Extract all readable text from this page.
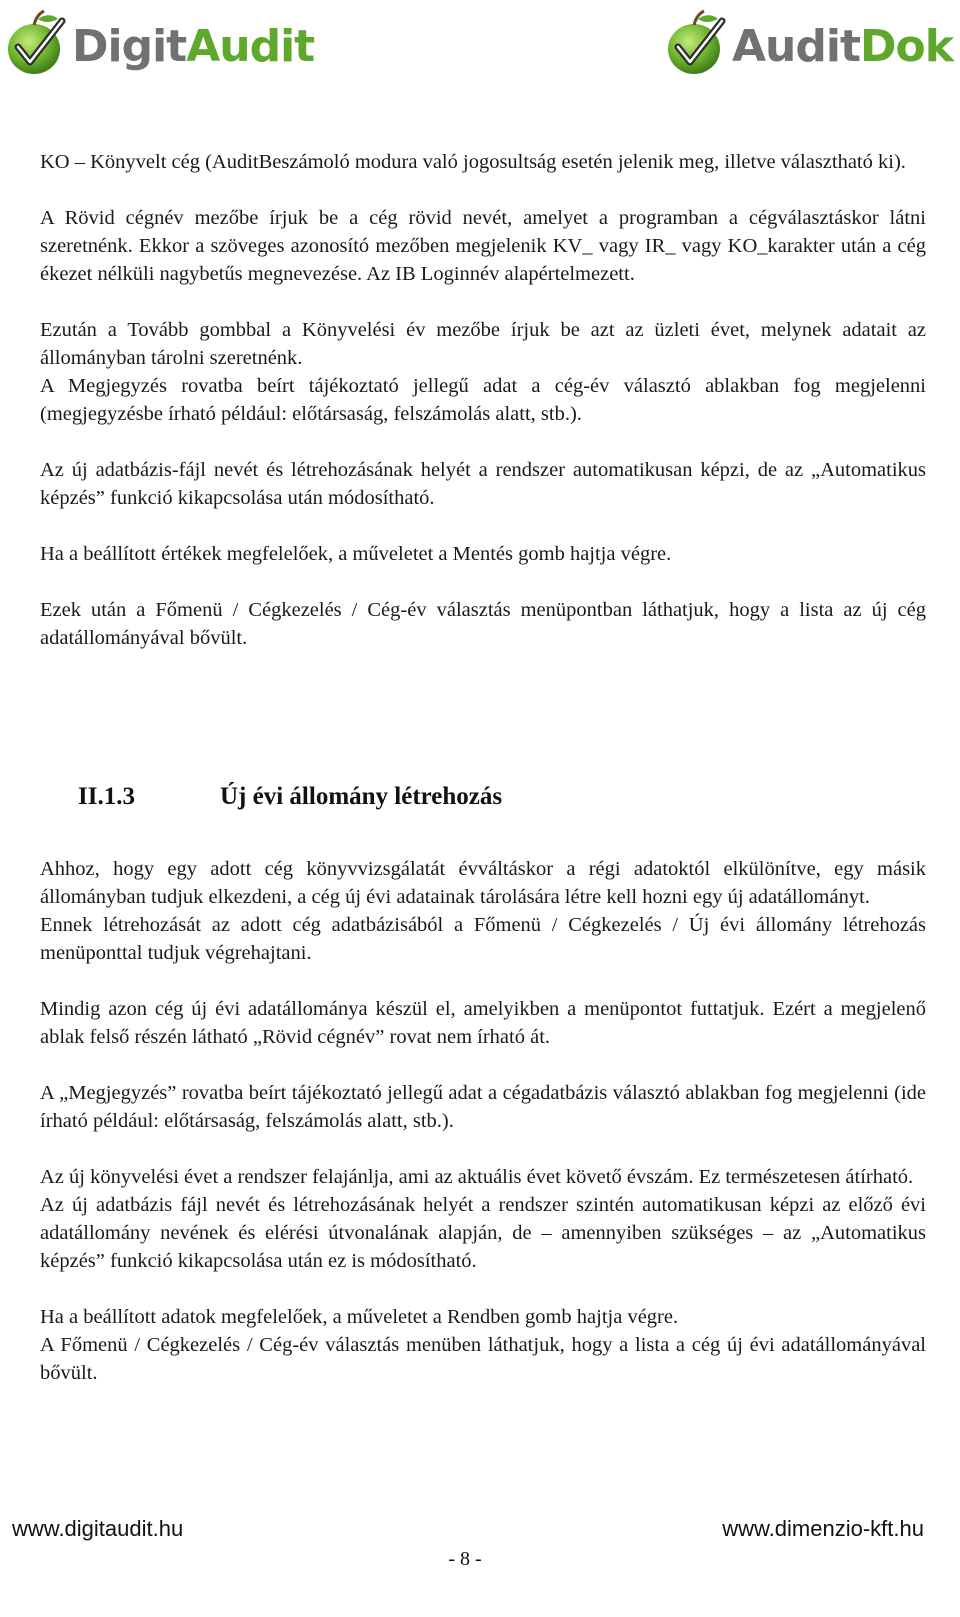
DigitAudit	AuditDok

KO – Könyvelt cég (AuditBeszámoló modura való jogosultság esetén jelenik meg, illetve választható ki).

A Rövid cégnév mezőbe írjuk be a cég rövid nevét, amelyet a programban a cégválasztáskor látni szeretnénk. Ekkor a szöveges azonosító mezőben megjelenik KV_ vagy IR_ vagy KO_karakter után a cég ékezet nélküli nagybetűs megnevezése. Az IB Loginnév alapértelmezett.

Ezután a Tovább gombbal a Könyvelési év mezőbe írjuk be azt az üzleti évet, melynek adatait az állományban tárolni szeretnénk.

A Megjegyzés rovatba beírt tájékoztató jellegű adat a cég-év választó ablakban fog megjelenni (megjegyzésbe írható például: előtársaság, felszámolás alatt, stb.).

Az új adatbázis-fájl nevét és létrehozásának helyét a rendszer automatikusan képzi, de az „Automatikus képzés” funkció kikapcsolása után módosítható.

Ha a beállított értékek megfelelőek, a műveletet a Mentés gomb hajtja végre.

Ezek után a Főmenü / Cégkezelés / Cég-év választás menüpontban láthatjuk, hogy a lista az új cég adatállományával bővült.

II.1.3	Új évi állomány létrehozás

Ahhoz, hogy egy adott cég könyvvizsgálatát évváltáskor a régi adatoktól elkülönítve, egy másik állományban tudjuk elkezdeni, a cég új évi adatainak tárolására létre kell hozni egy új adatállományt.

Ennek létrehozását az adott cég adatbázisából a Főmenü / Cégkezelés / Új évi állomány létrehozás menüponttal tudjuk végrehajtani.

Mindig azon cég új évi adatállománya készül el, amelyikben a menüpontot futtatjuk. Ezért a megjelenő ablak felső részén látható „Rövid cégnév” rovat nem írható át.

A „Megjegyzés” rovatba beírt tájékoztató jellegű adat a cégadatbázis választó ablakban fog megjelenni (ide írható például: előtársaság, felszámolás alatt, stb.).

Az új könyvelési évet a rendszer felajánlja, ami az aktuális évet követő évszám. Ez természetesen átírható.

Az új adatbázis fájl nevét és létrehozásának helyét a rendszer szintén automatikusan képzi az előző évi adatállomány nevének és elérési útvonalának alapján, de – amennyiben szükséges – az „Automatikus képzés” funkció kikapcsolása után ez is módosítható.

Ha a beállított adatok megfelelőek, a műveletet a Rendben gomb hajtja végre.

A Főmenü / Cégkezelés / Cég-év választás menüben láthatjuk, hogy a lista a cég új évi adatállományával bővült.

www.digitaudit.hu	www.dimenzio-kft.hu
- 8 -
